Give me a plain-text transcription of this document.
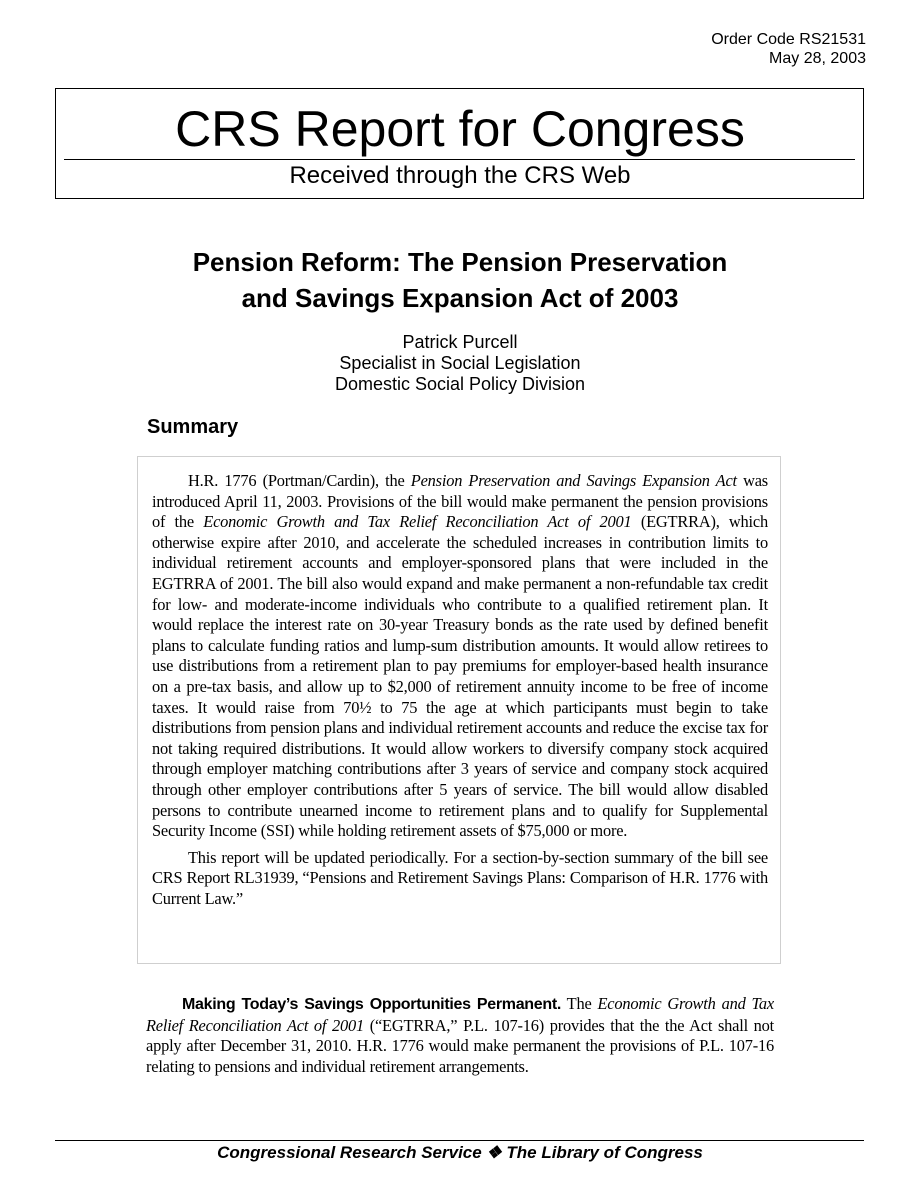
Order Code RS21531
May 28, 2003
CRS Report for Congress
Received through the CRS Web
Pension Reform: The Pension Preservation
and Savings Expansion Act of 2003
Patrick Purcell
Specialist in Social Legislation
Domestic Social Policy Division
Summary

H.R. 1776 (Portman/Cardin), the Pension Preservation and Savings Expansion Act was introduced April 11, 2003. Provisions of the bill would make permanent the pension provisions of the Economic Growth and Tax Relief Reconciliation Act of 2001 (EGTRRA), which otherwise expire after 2010, and accelerate the scheduled increases in contribution limits to individual retirement accounts and employer-sponsored plans that were included in the EGTRRA of 2001. The bill also would expand and make permanent a non-refundable tax credit for low- and moderate-income individuals who contribute to a qualified retirement plan. It would replace the interest rate on 30-year Treasury bonds as the rate used by defined benefit plans to calculate funding ratios and lump-sum distribution amounts. It would allow retirees to use distributions from a retirement plan to pay premiums for employer-based health insurance on a pre-tax basis, and allow up to $2,000 of retirement annuity income to be free of income taxes. It would raise from 70½ to 75 the age at which participants must begin to take distributions from pension plans and individual retirement accounts and reduce the excise tax for not taking required distributions. It would allow workers to diversify company stock acquired through employer matching contributions after 3 years of service and company stock acquired through other employer contributions after 5 years of service. The bill would allow disabled persons to contribute unearned income to retirement plans and to qualify for Supplemental Security Income (SSI) while holding retirement assets of $75,000 or more.

This report will be updated periodically. For a section-by-section summary of the bill see CRS Report RL31939, “Pensions and Retirement Savings Plans: Comparison of H.R. 1776 with Current Law.”

Making Today’s Savings Opportunities Permanent. The Economic Growth and Tax Relief Reconciliation Act of 2001 (“EGTRRA,” P.L. 107-16) provides that the the Act shall not apply after December 31, 2010. H.R. 1776 would make permanent the provisions of P.L. 107-16 relating to pensions and individual retirement arrangements.

Congressional Research Service ❖ The Library of Congress
